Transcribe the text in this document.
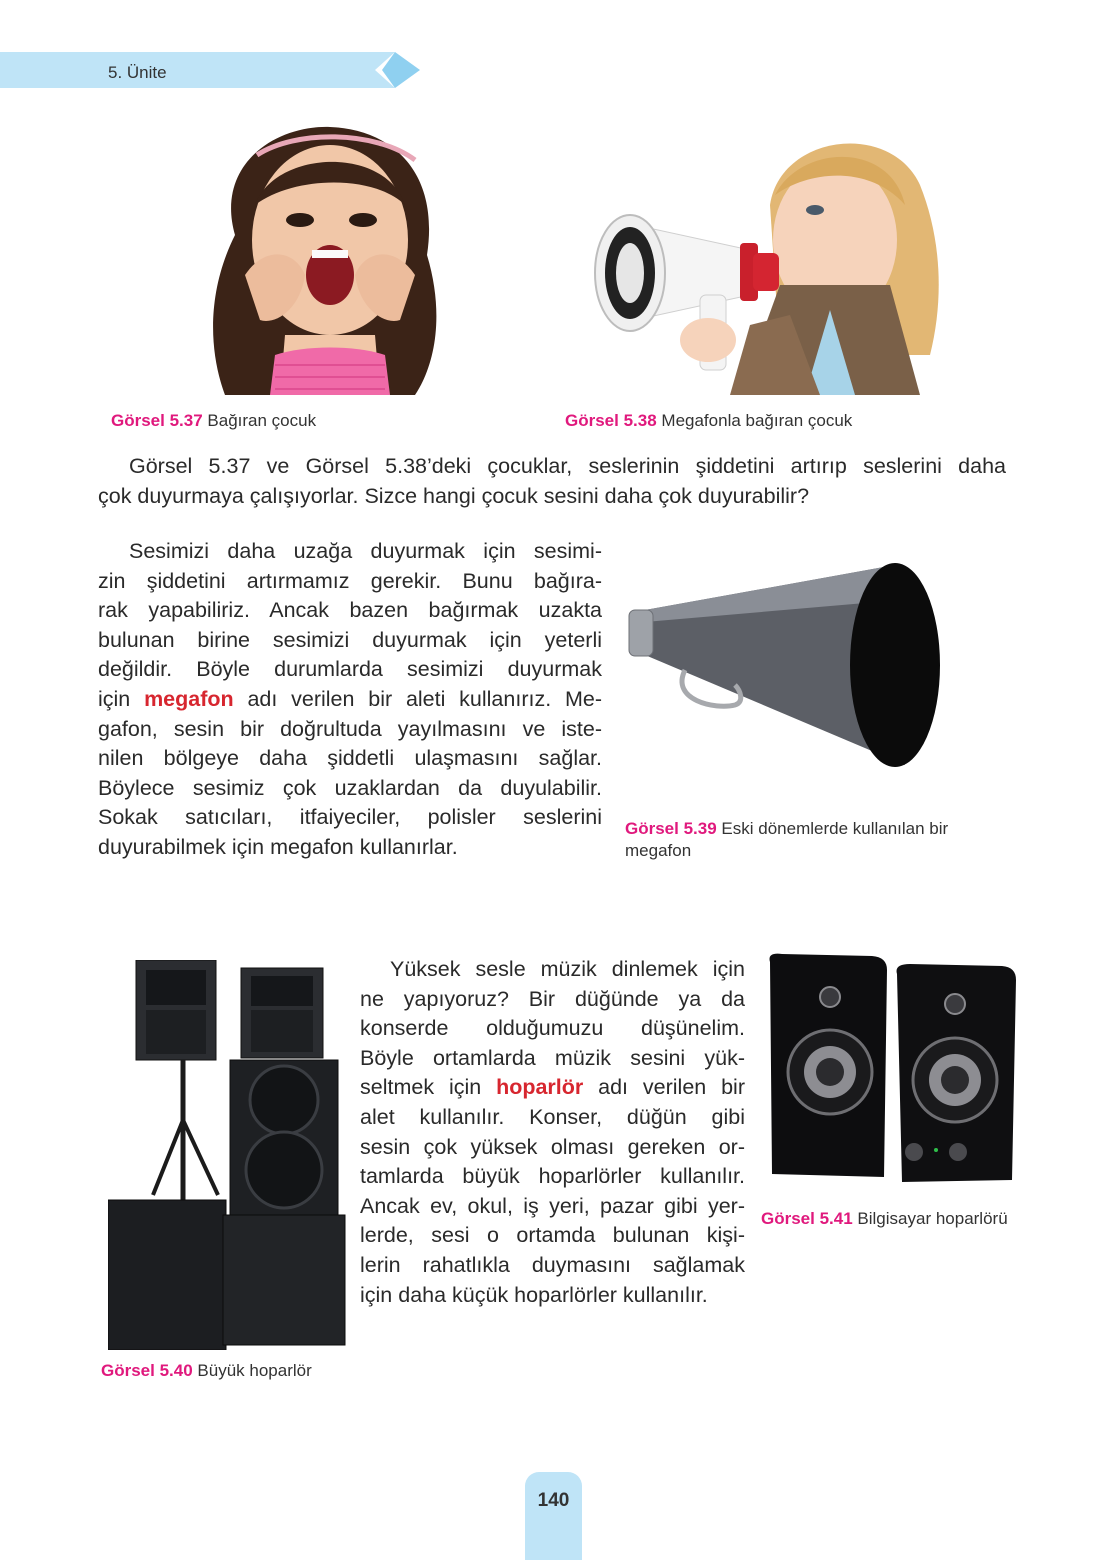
5. Ünite
Görsel 5.37 Bağıran çocuk	Görsel 5.38 Megafonla bağıran çocuk
Görsel 5.37 ve Görsel 5.38’deki çocuklar, seslerinin şiddetini artırıp seslerini daha
çok duyurmaya çalışıyorlar. Sizce hangi çocuk sesini daha çok duyurabilir?
Sesimizi daha uzağa duyurmak için sesimi-
zin şiddetini artırmamız gerekir. Bunu bağıra-
rak yapabiliriz. Ancak bazen bağırmak uzakta
bulunan birine sesimizi duyurmak için yeterli
değildir. Böyle durumlarda sesimizi duyurmak
için megafon adı verilen bir aleti kullanırız. Me-
gafon, sesin bir doğrultuda yayılmasını ve iste-
nilen bölgeye daha şiddetli ulaşmasını sağlar.
Böylece sesimiz çok uzaklardan da duyulabilir.
Sokak satıcıları, itfaiyeciler, polisler seslerini
duyurabilmek için megafon kullanırlar.
Görsel 5.39 Eski dönemlerde kullanılan bir
megafon
Görsel 5.40 Büyük hoparlör
Yüksek sesle müzik dinlemek için
ne yapıyoruz? Bir düğünde ya da
konserde olduğumuzu düşünelim.
Böyle ortamlarda müzik sesini yük-
seltmek için hoparlör adı verilen bir
alet kullanılır. Konser, düğün gibi
sesin çok yüksek olması gereken or-
tamlarda büyük hoparlörler kullanılır.
Ancak ev, okul, iş yeri, pazar gibi yer-
lerde, sesi o ortamda bulunan kişi-
lerin rahatlıkla duymasını sağlamak
için daha küçük hoparlörler kullanılır.
Görsel 5.41 Bilgisayar hoparlörü
140
